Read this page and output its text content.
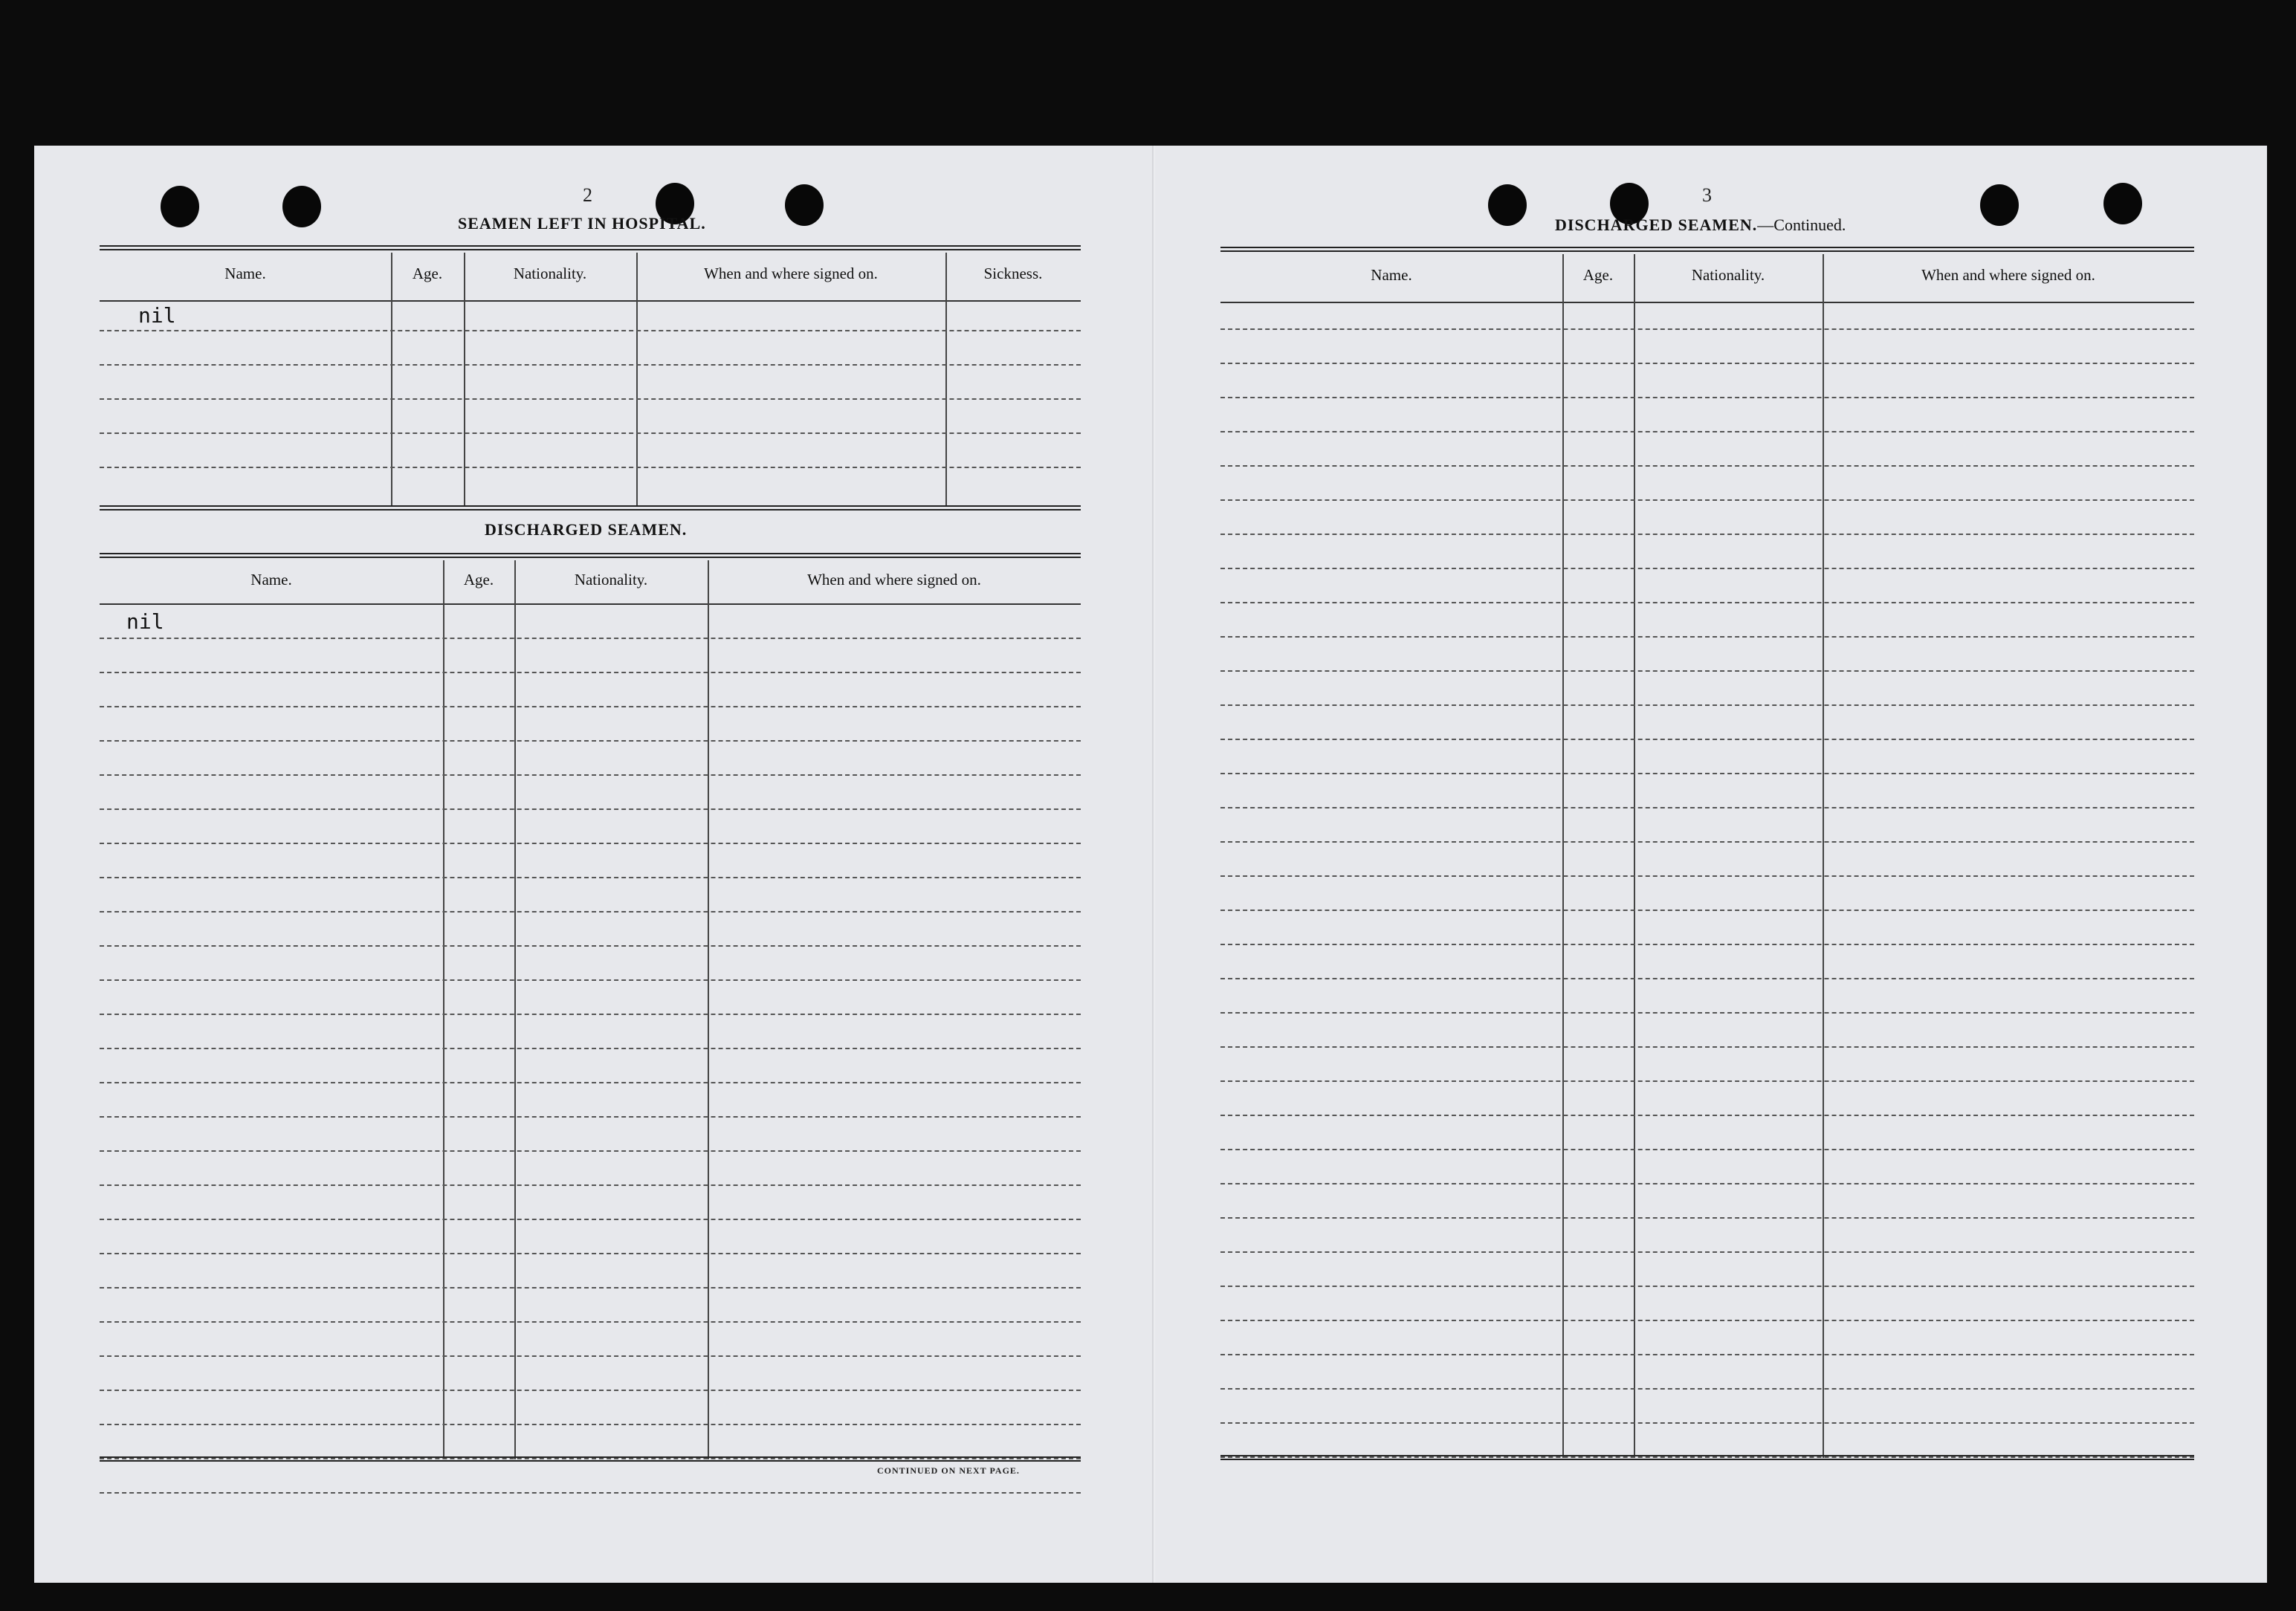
2
SEAMEN LEFT IN HOSPITAL.
Name.	Age.	Nationality.	When and where signed on.	Sickness.
nil
DISCHARGED SEAMEN.
Name.	Age.	Nationality.	When and where signed on.
nil
CONTINUED ON NEXT PAGE.
3
DISCHARGED SEAMEN.—Continued.
Name.	Age.	Nationality.	When and where signed on.
